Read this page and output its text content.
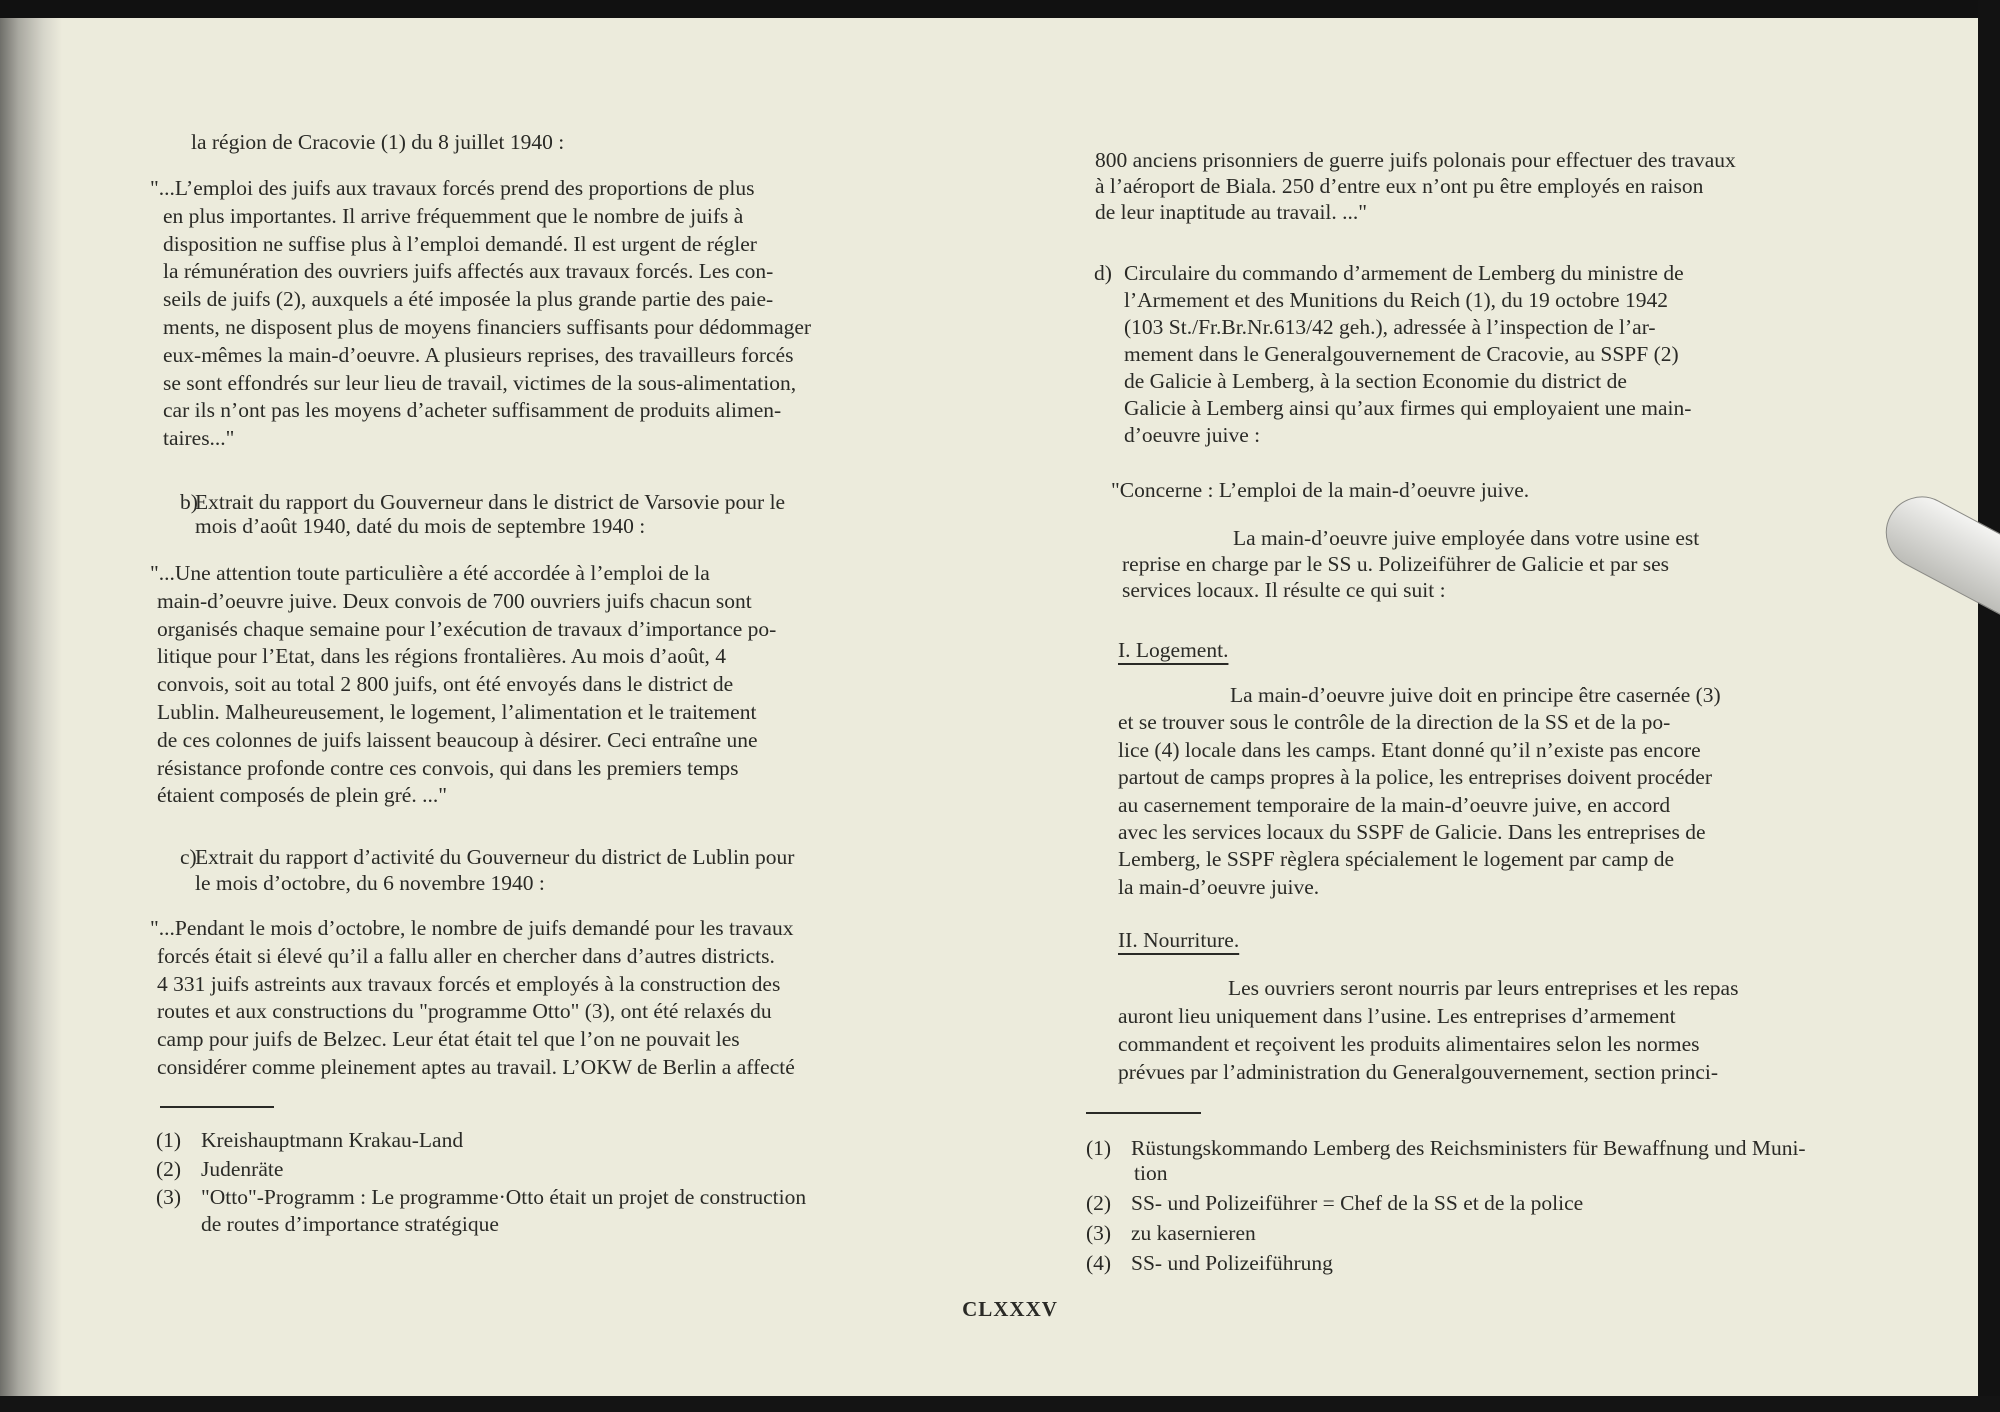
la région de Cracovie (1) du 8 juillet 1940 :
"...L’emploi des juifs aux travaux forcés prend des proportions de plus
en plus importantes. Il arrive fréquemment que le nombre de juifs à
disposition ne suffise plus à l’emploi demandé. Il est urgent de régler
la rémunération des ouvriers juifs affectés aux travaux forcés. Les con-
seils de juifs (2), auxquels a été imposée la plus grande partie des paie-
ments, ne disposent plus de moyens financiers suffisants pour dédommager
eux-mêmes la main-d’oeuvre. A plusieurs reprises, des travailleurs forcés
se sont effondrés sur leur lieu de travail, victimes de la sous-alimentation,
car ils n’ont pas les moyens d’acheter suffisamment de produits alimen-
taires..."
Extrait du rapport du Gouverneur dans le district de Varsovie pour le
mois d’août 1940, daté du mois de septembre 1940 :
"...Une attention toute particulière a été accordée à l’emploi de la
main-d’oeuvre juive. Deux convois de 700 ouvriers juifs chacun sont
organisés chaque semaine pour l’exécution de travaux d’importance po-
litique pour l’Etat, dans les régions frontalières. Au mois d’août, 4
convois, soit au total 2 800 juifs, ont été envoyés dans le district de
Lublin. Malheureusement, le logement, l’alimentation et le traitement
de ces colonnes de juifs laissent beaucoup à désirer. Ceci entraîne une
résistance profonde contre ces convois, qui dans les premiers temps
étaient composés de plein gré. ..."
Extrait du rapport d’activité du Gouverneur du district de Lublin pour
le mois d’octobre, du 6 novembre 1940 :
"...Pendant le mois d’octobre, le nombre de juifs demandé pour les travaux
forcés était si élevé qu’il a fallu aller en chercher dans d’autres districts.
4 331 juifs astreints aux travaux forcés et employés à la construction des
routes et aux constructions du "programme Otto" (3), ont été relaxés du
camp pour juifs de Belzec. Leur état était tel que l’on ne pouvait les
considérer comme pleinement aptes au travail. L’OKW de Berlin a affecté
800 anciens prisonniers de guerre juifs polonais pour effectuer des travaux
à l’aéroport de Biala. 250 d’entre eux n’ont pu être employés en raison
de leur inaptitude au travail. ..."
Circulaire du commando d’armement de Lemberg du ministre de
l’Armement et des Munitions du Reich (1), du 19 octobre 1942
(103 St./Fr.Br.Nr.613/42 geh.), adressée à l’inspection de l’ar-
mement dans le Generalgouvernement de Cracovie, au SSPF (2)
de Galicie à Lemberg, à la section Economie du district de
Galicie à Lemberg ainsi qu’aux firmes qui employaient une main-
d’oeuvre juive :
"Concerne : L’emploi de la main-d’oeuvre juive.
La main-d’oeuvre juive employée dans votre usine est
reprise en charge par le SS u. Polizeiführer de Galicie et par ses
services locaux. Il résulte ce qui suit :
La main-d’oeuvre juive doit en principe être casernée (3)
et se trouver sous le contrôle de la direction de la SS et de la po-
lice (4) locale dans les camps. Etant donné qu’il n’existe pas encore
partout de camps propres à la police, les entreprises doivent procéder
au casernement temporaire de la main-d’oeuvre juive, en accord
avec les services locaux du SSPF de Galicie. Dans les entreprises de
Lemberg, le SSPF règlera spécialement le logement par camp de
la main-d’oeuvre juive.
Les ouvriers seront nourris par leurs entreprises et les repas
auront lieu uniquement dans l’usine. Les entreprises d’armement
commandent et reçoivent les produits alimentaires selon les normes
prévues par l’administration du Generalgouvernement, section princi-
b)
c)
d)
I. Logement.
II. Nourriture.
(1) Kreishauptmann Krakau-Land
(2) Judenräte
(3) "Otto"-Programm : Le programme·Otto était un projet de construction
de routes d’importance stratégique
(1) Rüstungskommando Lemberg des Reichsministers für Bewaffnung und Muni-
tion
(2) SS- und Polizeiführer = Chef de la SS et de la police
(3) zu kasernieren
(4) SS- und Polizeiführung
CLXXXV
